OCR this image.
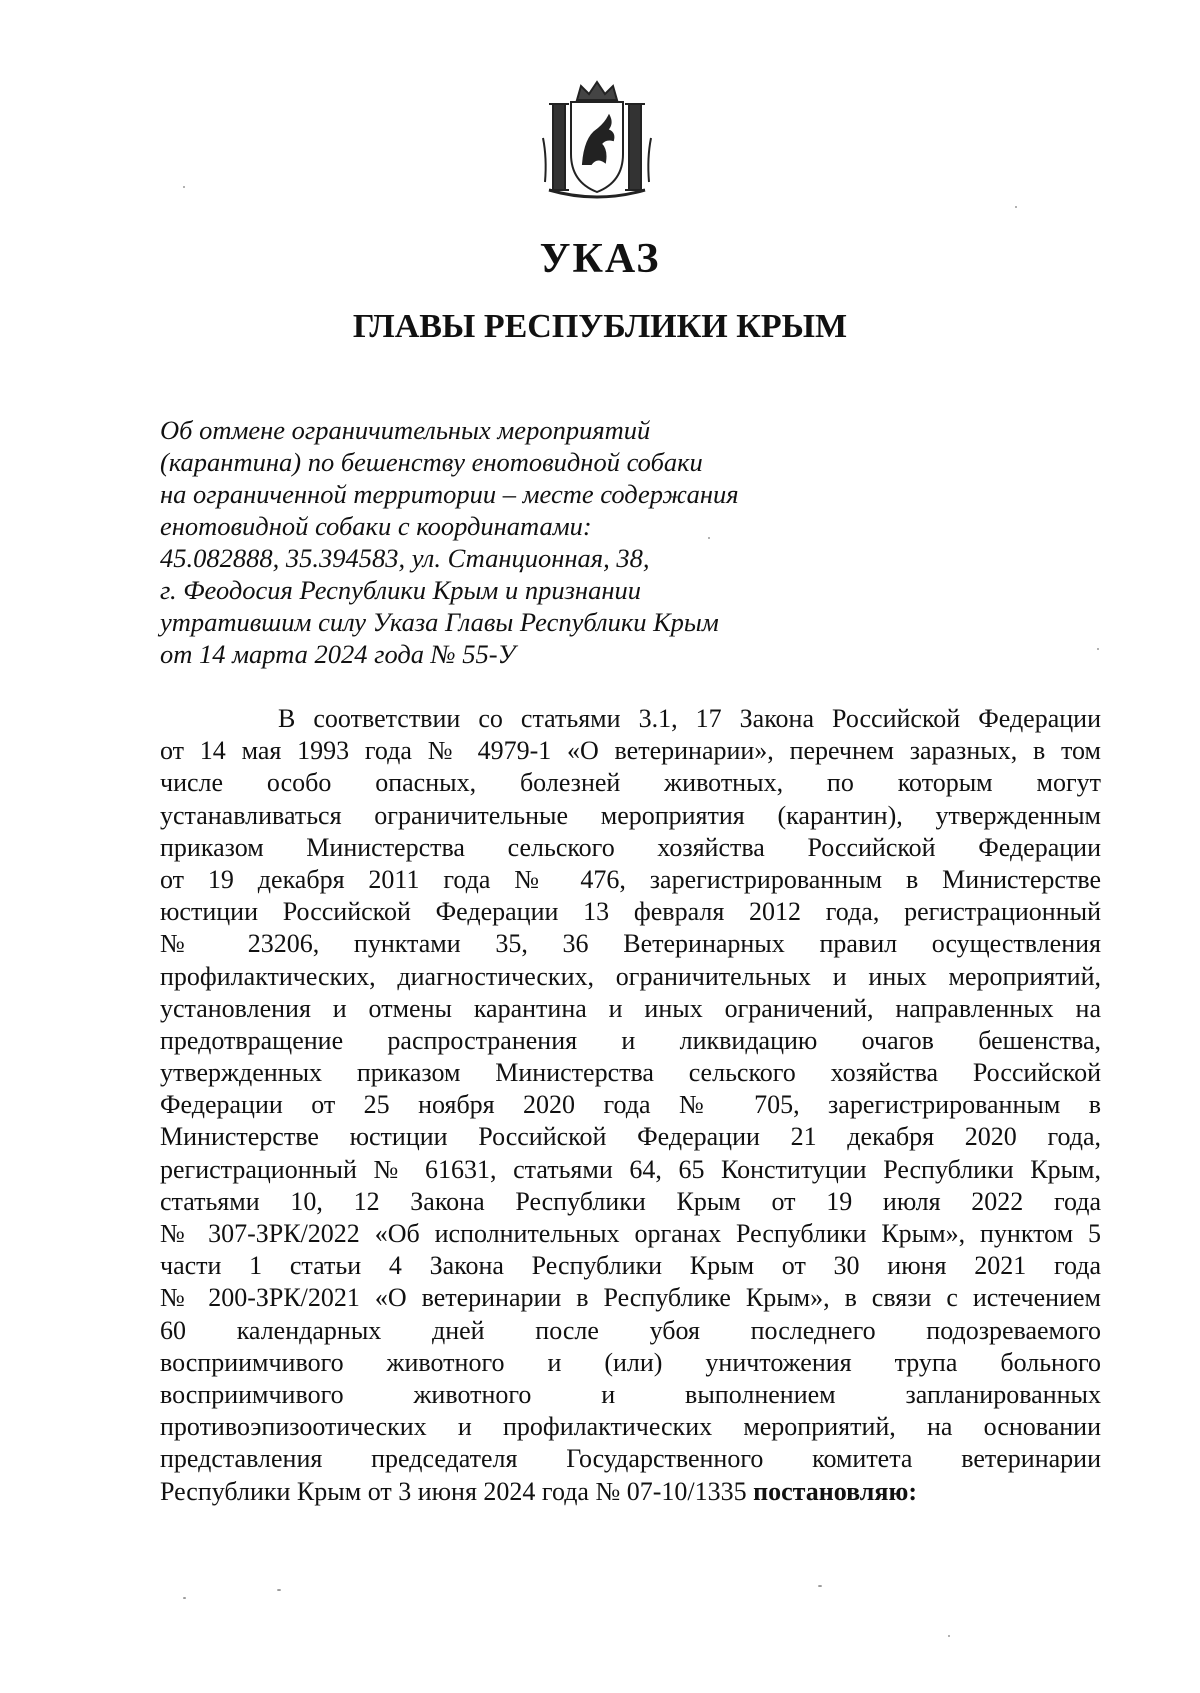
УКАЗ
ГЛАВЫ РЕСПУБЛИКИ КРЫМ
Об отмене ограничительных мероприятий
(карантина) по бешенству енотовидной собаки
на ограниченной территории – месте содержания
енотовидной собаки с координатами:
45.082888, 35.394583, ул. Станционная, 38,
г. Феодосия Республики Крым и признании
утратившим силу Указа Главы Республики Крым
от 14 марта 2024 года № 55-У
В соответствии со статьями 3.1, 17 Закона Российской Федерации
от 14 мая 1993 года № 4979-1 «О ветеринарии», перечнем заразных, в том
числе особо опасных, болезней животных, по которым могут
устанавливаться ограничительные мероприятия (карантин), утвержденным
приказом Министерства сельского хозяйства Российской Федерации
от 19 декабря 2011 года № 476, зарегистрированным в Министерстве
юстиции Российской Федерации 13 февраля 2012 года, регистрационный
№ 23206, пунктами 35, 36 Ветеринарных правил осуществления
профилактических, диагностических, ограничительных и иных мероприятий,
установления и отмены карантина и иных ограничений, направленных на
предотвращение распространения и ликвидацию очагов бешенства,
утвержденных приказом Министерства сельского хозяйства Российской
Федерации от 25 ноября 2020 года № 705, зарегистрированным в
Министерстве юстиции Российской Федерации 21 декабря 2020 года,
регистрационный № 61631, статьями 64, 65 Конституции Республики Крым,
статьями 10, 12 Закона Республики Крым от 19 июля 2022 года
№ 307-ЗРК/2022 «Об исполнительных органах Республики Крым», пунктом 5
части 1 статьи 4 Закона Республики Крым от 30 июня 2021 года
№ 200-ЗРК/2021 «О ветеринарии в Республике Крым», в связи с истечением
60 календарных дней после убоя последнего подозреваемого
восприимчивого животного и (или) уничтожения трупа больного
восприимчивого животного и выполнением запланированных
противоэпизоотических и профилактических мероприятий, на основании
представления председателя Государственного комитета ветеринарии
Республики Крым от 3 июня 2024 года № 07-10/1335 постановляю:
